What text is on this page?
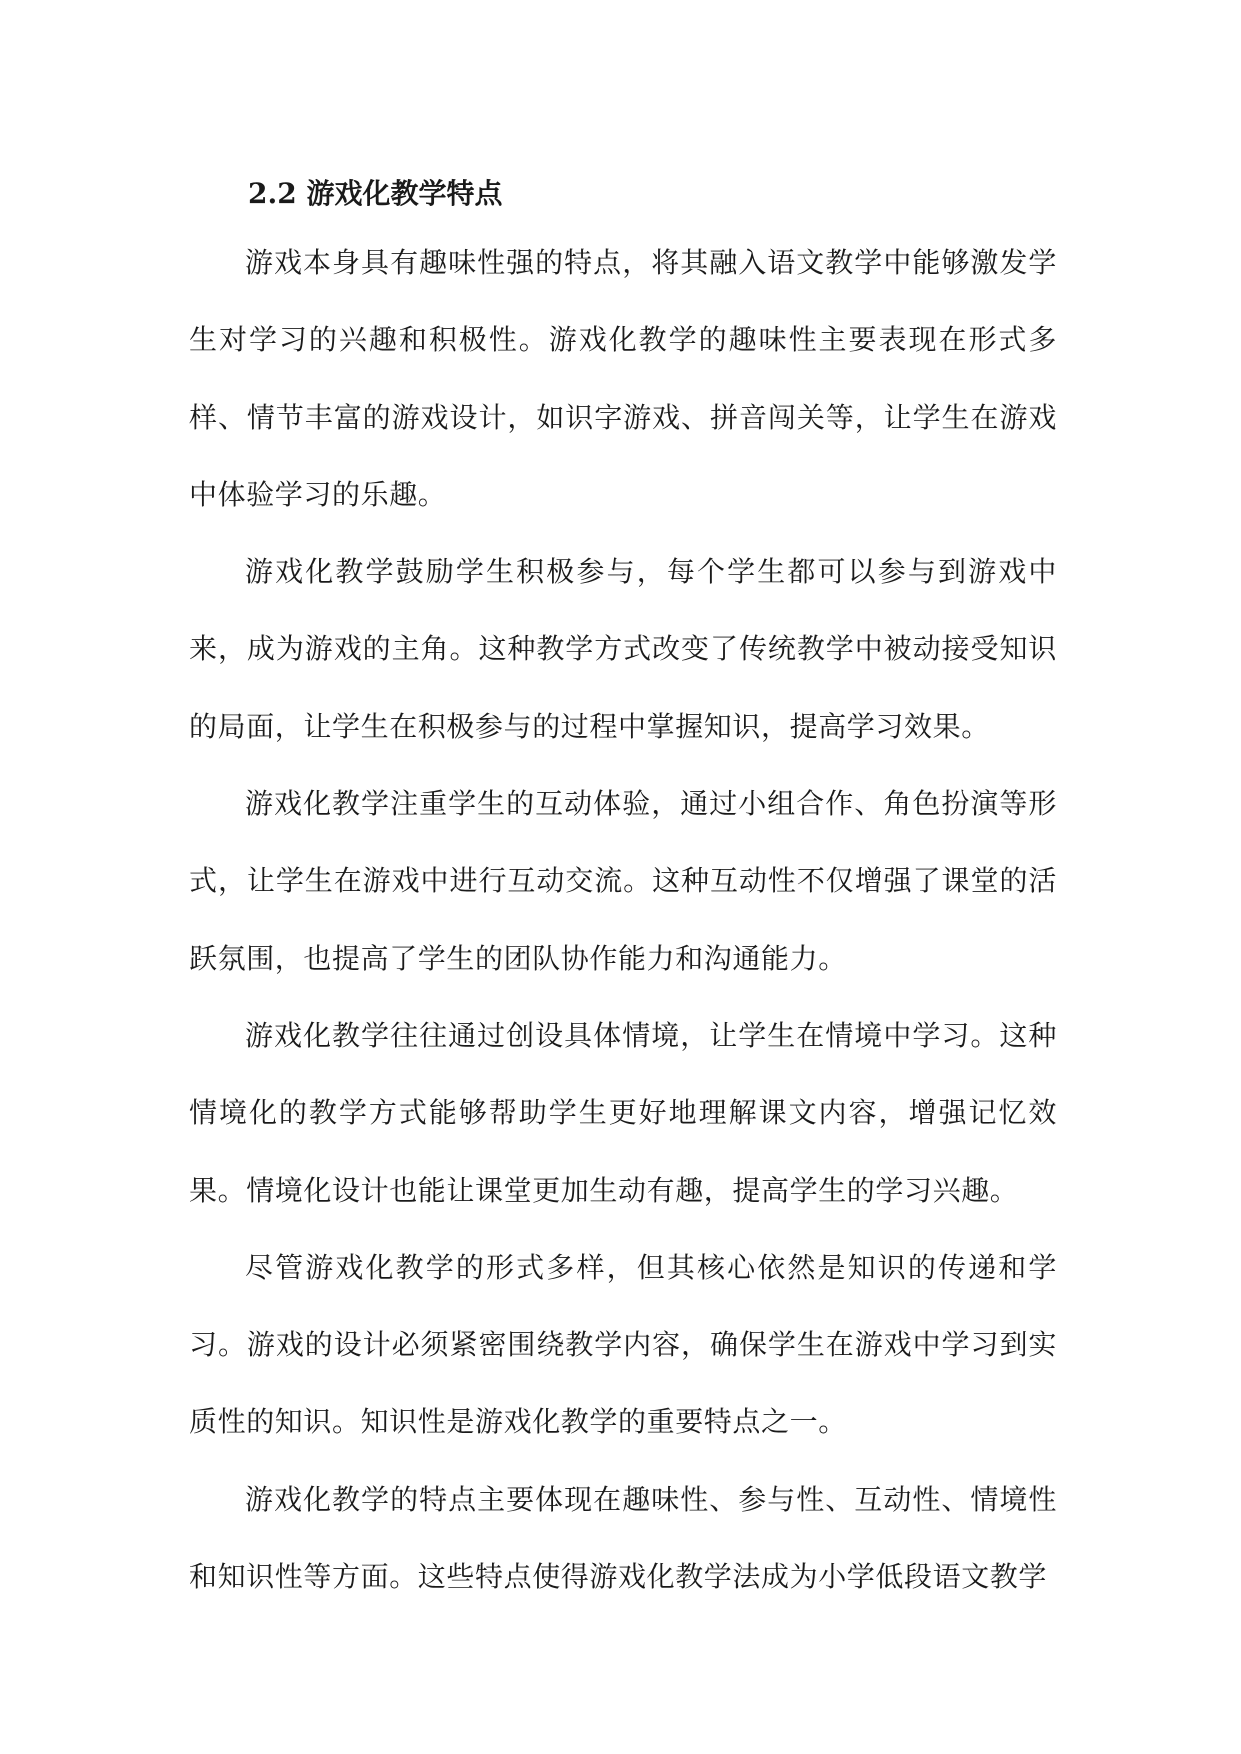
2.2 游戏化教学特点

游戏本身具有趣味性强的特点，将其融入语文教学中能够激发学生对学习的兴趣和积极性。游戏化教学的趣味性主要表现在形式多样、情节丰富的游戏设计，如识字游戏、拼音闯关等，让学生在游戏中体验学习的乐趣。

游戏化教学鼓励学生积极参与，每个学生都可以参与到游戏中来，成为游戏的主角。这种教学方式改变了传统教学中被动接受知识的局面，让学生在积极参与的过程中掌握知识，提高学习效果。

游戏化教学注重学生的互动体验，通过小组合作、角色扮演等形式，让学生在游戏中进行互动交流。这种互动性不仅增强了课堂的活跃氛围，也提高了学生的团队协作能力和沟通能力。

游戏化教学往往通过创设具体情境，让学生在情境中学习。这种情境化的教学方式能够帮助学生更好地理解课文内容，增强记忆效果。情境化设计也能让课堂更加生动有趣，提高学生的学习兴趣。

尽管游戏化教学的形式多样，但其核心依然是知识的传递和学习。游戏的设计必须紧密围绕教学内容，确保学生在游戏中学习到实质性的知识。知识性是游戏化教学的重要特点之一。

游戏化教学的特点主要体现在趣味性、参与性、互动性、情境性和知识性等方面。这些特点使得游戏化教学法成为小学低段语文教学
